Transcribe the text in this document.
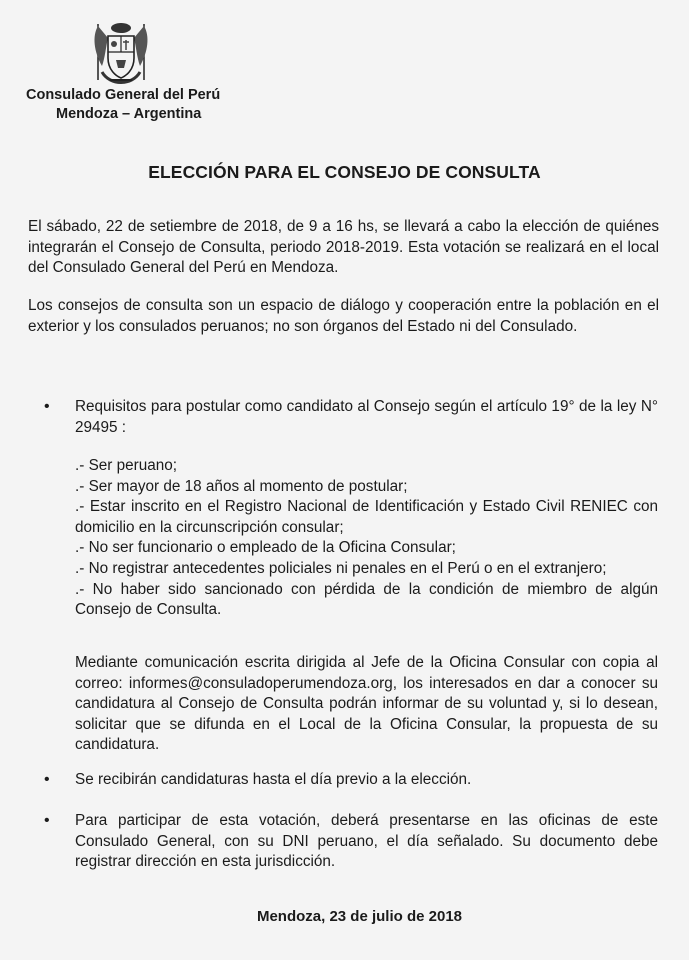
Consulado General del Perú
Mendoza – Argentina
ELECCIÓN PARA EL CONSEJO DE CONSULTA
El sábado, 22 de setiembre de 2018, de 9 a 16 hs, se llevará a cabo la elección de quiénes integrarán el Consejo de Consulta, periodo 2018-2019. Esta votación se realizará en el local del Consulado General del Perú en Mendoza.
Los consejos de consulta son un espacio de diálogo y cooperación entre la población en el exterior y los consulados peruanos; no son órganos del Estado ni del Consulado.
• Requisitos para postular como candidato al Consejo según el artículo 19° de la ley N° 29495 :
.- Ser peruano;
.- Ser mayor de 18 años al momento de postular;
.- Estar inscrito en el Registro Nacional de Identificación y Estado Civil RENIEC con domicilio en la circunscripción consular;
.- No ser funcionario o empleado de la Oficina Consular;
.- No registrar antecedentes policiales ni penales en el Perú o en el extranjero;
.- No haber sido sancionado con pérdida de la condición de miembro de algún Consejo de Consulta.
Mediante comunicación escrita dirigida al Jefe de la Oficina Consular con copia al correo: informes@consuladoperumendoza.org, los interesados en dar a conocer su candidatura al Consejo de Consulta podrán informar de su voluntad y, si lo desean, solicitar que se difunda en el Local de la Oficina Consular, la propuesta de su candidatura.
• Se recibirán candidaturas hasta el día previo a la elección.
• Para participar de esta votación, deberá presentarse en las oficinas de este Consulado General, con su DNI peruano, el día señalado. Su documento debe registrar dirección en esta jurisdicción.
Mendoza, 23 de julio de 2018
